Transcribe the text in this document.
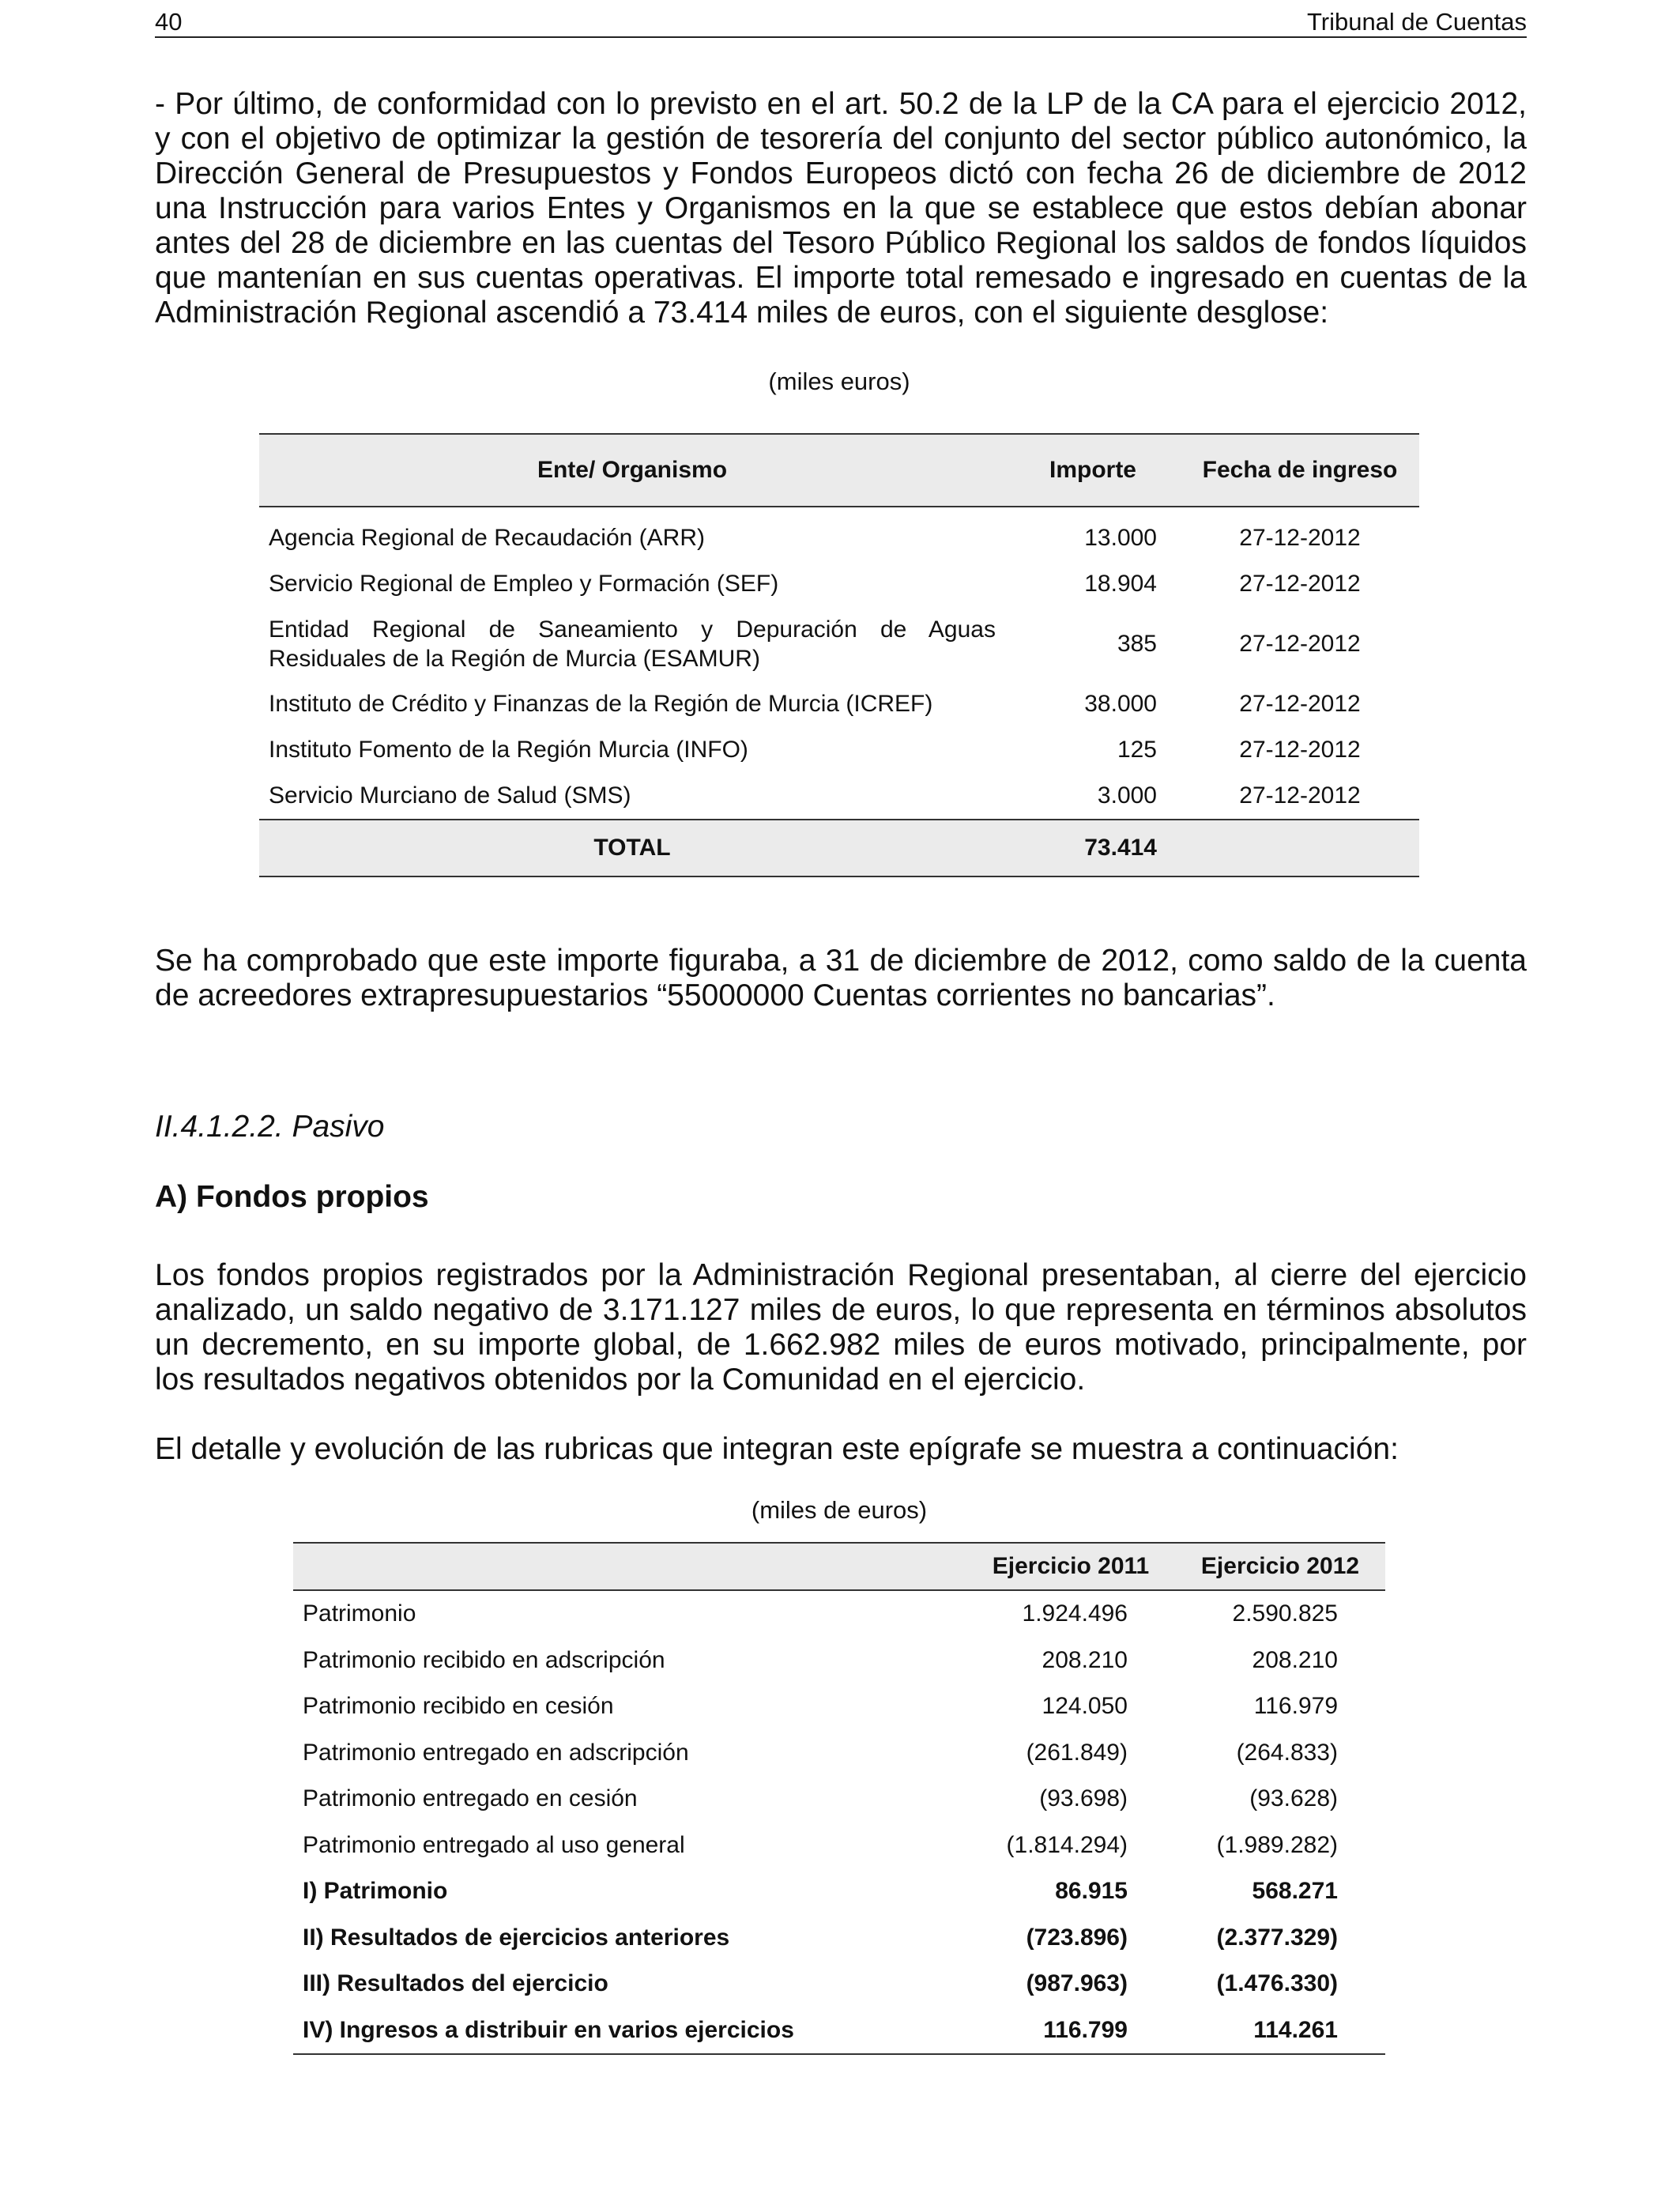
40	Tribunal de Cuentas
- Por último, de conformidad con lo previsto en el art. 50.2 de la LP de la CA para el ejercicio 2012,
y con el objetivo de optimizar la gestión de tesorería del conjunto del sector público autonómico, la
Dirección General de Presupuestos y Fondos Europeos dictó con fecha 26 de diciembre de 2012
una Instrucción para varios Entes y Organismos en la que se establece que estos debían abonar
antes del 28 de diciembre en las cuentas del Tesoro Público Regional los saldos de fondos líquidos
que mantenían en sus cuentas operativas. El importe total remesado e ingresado en cuentas de la
Administración Regional ascendió a 73.414 miles de euros, con el siguiente desglose:
(miles euros)
Ente/ Organismo	Importe	Fecha de ingreso
Agencia Regional de Recaudación (ARR)	13.000	27-12-2012
Servicio Regional de Empleo y Formación (SEF)	18.904	27-12-2012
Entidad Regional de Saneamiento y Depuración de Aguas Residuales de la Región de Murcia (ESAMUR)	385	27-12-2012
Instituto de Crédito y Finanzas de la Región de Murcia (ICREF)	38.000	27-12-2012
Instituto Fomento de la Región Murcia (INFO)	125	27-12-2012
Servicio Murciano de Salud (SMS)	3.000	27-12-2012
TOTAL	73.414	
Se ha comprobado que este importe figuraba, a 31 de diciembre de 2012, como saldo de la cuenta
de acreedores extrapresupuestarios “55000000 Cuentas corrientes no bancarias”.
II.4.1.2.2. Pasivo
A) Fondos propios
Los fondos propios registrados por la Administración Regional presentaban, al cierre del ejercicio
analizado, un saldo negativo de 3.171.127 miles de euros, lo que representa en términos absolutos
un decremento, en su importe global, de 1.662.982 miles de euros motivado, principalmente, por
los resultados negativos obtenidos por la Comunidad en el ejercicio.
El detalle y evolución de las rubricas que integran este epígrafe se muestra a continuación:
(miles de euros)
	Ejercicio 2011	Ejercicio 2012
Patrimonio	1.924.496	2.590.825
Patrimonio recibido en adscripción	208.210	208.210
Patrimonio recibido en cesión	124.050	116.979
Patrimonio entregado en adscripción	(261.849)	(264.833)
Patrimonio entregado en cesión	(93.698)	(93.628)
Patrimonio entregado al uso general	(1.814.294)	(1.989.282)
I) Patrimonio	86.915	568.271
II) Resultados de ejercicios anteriores	(723.896)	(2.377.329)
III) Resultados del ejercicio	(987.963)	(1.476.330)
IV) Ingresos a distribuir en varios ejercicios	116.799	114.261
